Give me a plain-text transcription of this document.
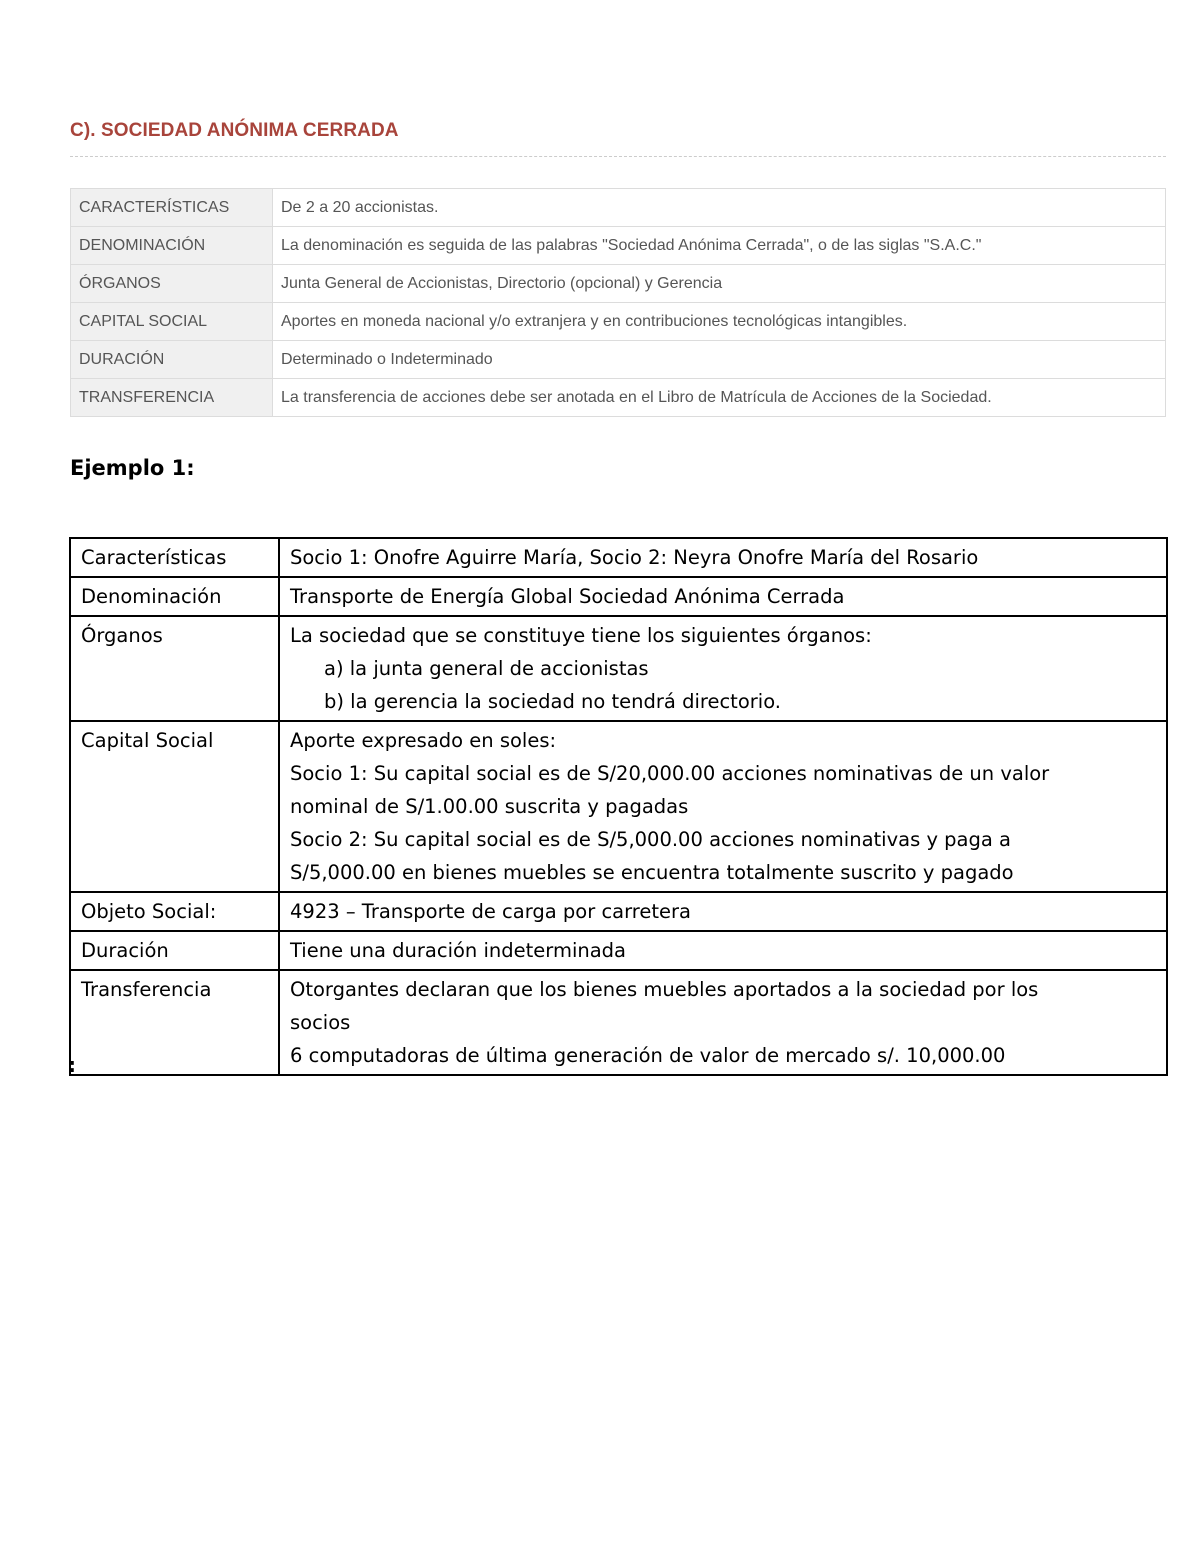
C). SOCIEDAD ANÓNIMA CERRADA
CARACTERÍSTICAS	De 2 a 20 accionistas.
DENOMINACIÓN	La denominación es seguida de las palabras "Sociedad Anónima Cerrada", o de las siglas "S.A.C."
ÓRGANOS	Junta General de Accionistas, Directorio (opcional) y Gerencia
CAPITAL SOCIAL	Aportes en moneda nacional y/o extranjera y en contribuciones tecnológicas intangibles.
DURACIÓN	Determinado o Indeterminado
TRANSFERENCIA	La transferencia de acciones debe ser anotada en el Libro de Matrícula de Acciones de la Sociedad.
Ejemplo 1:
Características	Socio 1: Onofre Aguirre María, Socio 2: Neyra Onofre María del Rosario

Denominación	Transporte de Energía Global Sociedad Anónima Cerrada

Órganos	La sociedad que se constituye tiene los siguientes órganos:
a) la junta general de accionistas
b) la gerencia la sociedad no tendrá directorio.

Capital Social	Aporte expresado en soles:
Socio 1: Su capital social es de S/20,000.00 acciones nominativas de un valor
nominal de S/1.00.00 suscrita y pagadas
Socio 2: Su capital social es de S/5,000.00 acciones nominativas y paga a
S/5,000.00 en bienes muebles se encuentra totalmente suscrito y pagado

Objeto Social:	4923 – Transporte de carga por carretera

Duración	Tiene una duración indeterminada

Transferencia	Otorgantes declaran que los bienes muebles aportados a la sociedad por los
socios
6 computadoras de última generación de valor de mercado s/. 10,000.00
:
